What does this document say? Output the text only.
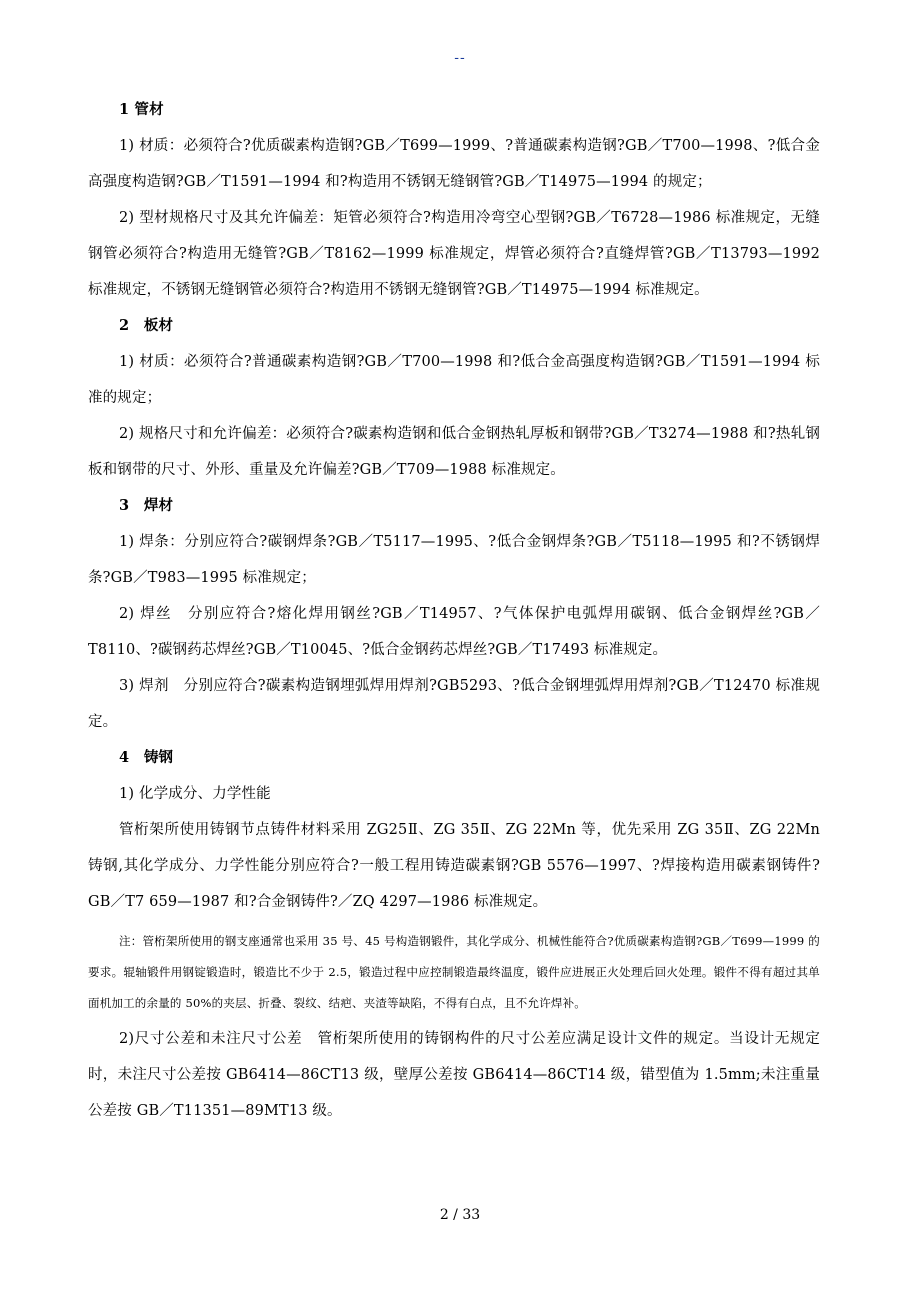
--

1 管材

1) 材质：必须符合?优质碳素构造钢?GB／T699—1999、?普通碳素构造钢?GB／T700—1998、?低合金高强度构造钢?GB／T1591—1994 和?构造用不锈钢无缝钢管?GB／T14975—1994 的规定；

2) 型材规格尺寸及其允许偏差：矩管必须符合?构造用冷弯空心型钢?GB／T6728—1986 标准规定，无缝钢管必须符合?构造用无缝管?GB／T8162—1999 标准规定，焊管必须符合?直缝焊管?GB／T13793—1992 标准规定，不锈钢无缝钢管必须符合?构造用不锈钢无缝钢管?GB／T14975—1994 标准规定。

2　板材

1) 材质：必须符合?普通碳素构造钢?GB／T700—1998 和?低合金高强度构造钢?GB／T1591—1994 标准的规定；

2) 规格尺寸和允许偏差：必须符合?碳素构造钢和低合金钢热轧厚板和钢带?GB／T3274—1988 和?热轧钢板和钢带的尺寸、外形、重量及允许偏差?GB／T709—1988 标准规定。

3　焊材

1) 焊条：分别应符合?碳钢焊条?GB／T5117—1995、?低合金钢焊条?GB／T5118—1995 和?不锈钢焊条?GB／T983—1995 标准规定；

2) 焊丝　分别应符合?熔化焊用钢丝?GB／T14957、?气体保护电弧焊用碳钢、低合金钢焊丝?GB／T8110、?碳钢药芯焊丝?GB／T10045、?低合金钢药芯焊丝?GB／T17493 标准规定。

3) 焊剂　分别应符合?碳素构造钢埋弧焊用焊剂?GB5293、?低合金钢埋弧焊用焊剂?GB／T12470 标准规定。

4　铸钢

1) 化学成分、力学性能

管桁架所使用铸钢节点铸件材料采用 ZG25Ⅱ、ZG 35Ⅱ、ZG 22Mn 等，优先采用 ZG 35Ⅱ、ZG 22Mn 铸钢,其化学成分、力学性能分别应符合?一般工程用铸造碳素钢?GB 5576—1997、?焊接构造用碳素钢铸件?GB／T7 659—1987 和?合金钢铸件?／ZQ 4297—1986 标准规定。

注：管桁架所使用的钢支座通常也采用 35 号、45 号构造钢锻件，其化学成分、机械性能符合?优质碳素构造钢?GB／T699—1999 的要求。辊轴锻件用钢锭锻造时，锻造比不少于 2.5，锻造过程中应控制锻造最终温度，锻件应进展正火处理后回火处理。锻件不得有超过其单面机加工的余量的 50%的夹层、折叠、裂纹、结疤、夹渣等缺陷，不得有白点，且不允许焊补。

2)尺寸公差和未注尺寸公差　管桁架所使用的铸钢构件的尺寸公差应满足设计文件的规定。当设计无规定时，未注尺寸公差按 GB6414—86CT13 级，壁厚公差按 GB6414—86CT14 级，错型值为 1.5mm;未注重量公差按 GB／T11351—89MT13 级。

2 / 33
